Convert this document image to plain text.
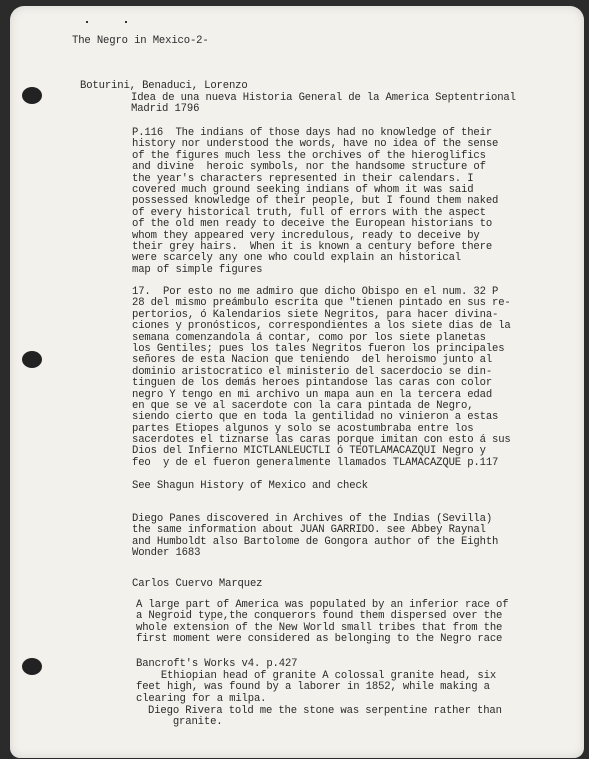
The Negro in Mexico-2-
Boturini, Benaduci, Lorenzo
Idea de una nueva Historia General de la America Septentrional
Madrid 1796
P.116  The indians of those days had no knowledge of their
history nor understood the words, have no idea of the sense
of the figures much less the orchives of the hieroglifics
and divine  heroic symbols, nor the handsome structure of
the year's characters represented in their calendars. I
covered much ground seeking indians of whom it was said
possessed knowledge of their people, but I found them naked
of every historical truth, full of errors with the aspect
of the old men ready to deceive the European historians to
whom they appeared very incredulous, ready to deceive by
their grey hairs.  When it is known a century before there
were scarcely any one who could explain an historical
map of simple figures
17.  Por esto no me admiro que dicho Obispo en el num. 32 P
28 del mismo preámbulo escrita que "tienen pintado en sus re-
pertorios, ó Kalendarios siete Negritos, para hacer divina-
ciones y pronósticos, correspondientes a los siete dias de la
semana comenzandola á contar, como por los siete planetas
los Gentiles; pues los tales Negritos fueron los principales
señores de esta Nacion que teniendo  del heroismo junto al
dominio aristocratico el ministerio del sacerdocio se din-
tinguen de los demás heroes pintandose las caras con color
negro Y tengo en mi archivo un mapa aun en la tercera edad
en que se ve al sacerdote con la cara pintada de Negro,
siendo cierto que en toda la gentilidad no vinieron a estas
partes Etiopes algunos y solo se acostumbraba entre los
sacerdotes el tiznarse las caras porque imitan con esto á sus
Dios del Infierno MICTLANLEUCTLI ó TEOTLAMACAZQUI Negro y
feo  y de el fueron generalmente llamados TLAMACAZQUE p.117
See Shagun History of Mexico and check
Diego Panes discovered in Archives of the Indias (Sevilla)
the same information about JUAN GARRIDO. see Abbey Raynal
and Humboldt also Bartolome de Gongora author of the Eighth
Wonder 1683
Carlos Cuervo Marquez
A large part of America was populated by an inferior race of
a Negroid type,the conquerors found them dispersed over the
whole extension of the New World small tribes that from the
first moment were considered as belonging to the Negro race
Bancroft's Works v4. p.427
Ethiopian head of granite A colossal granite head, six
feet high, was found by a laborer in 1852, while making a
clearing for a milpa.
Diego Rivera told me the stone was serpentine rather than
granite.
